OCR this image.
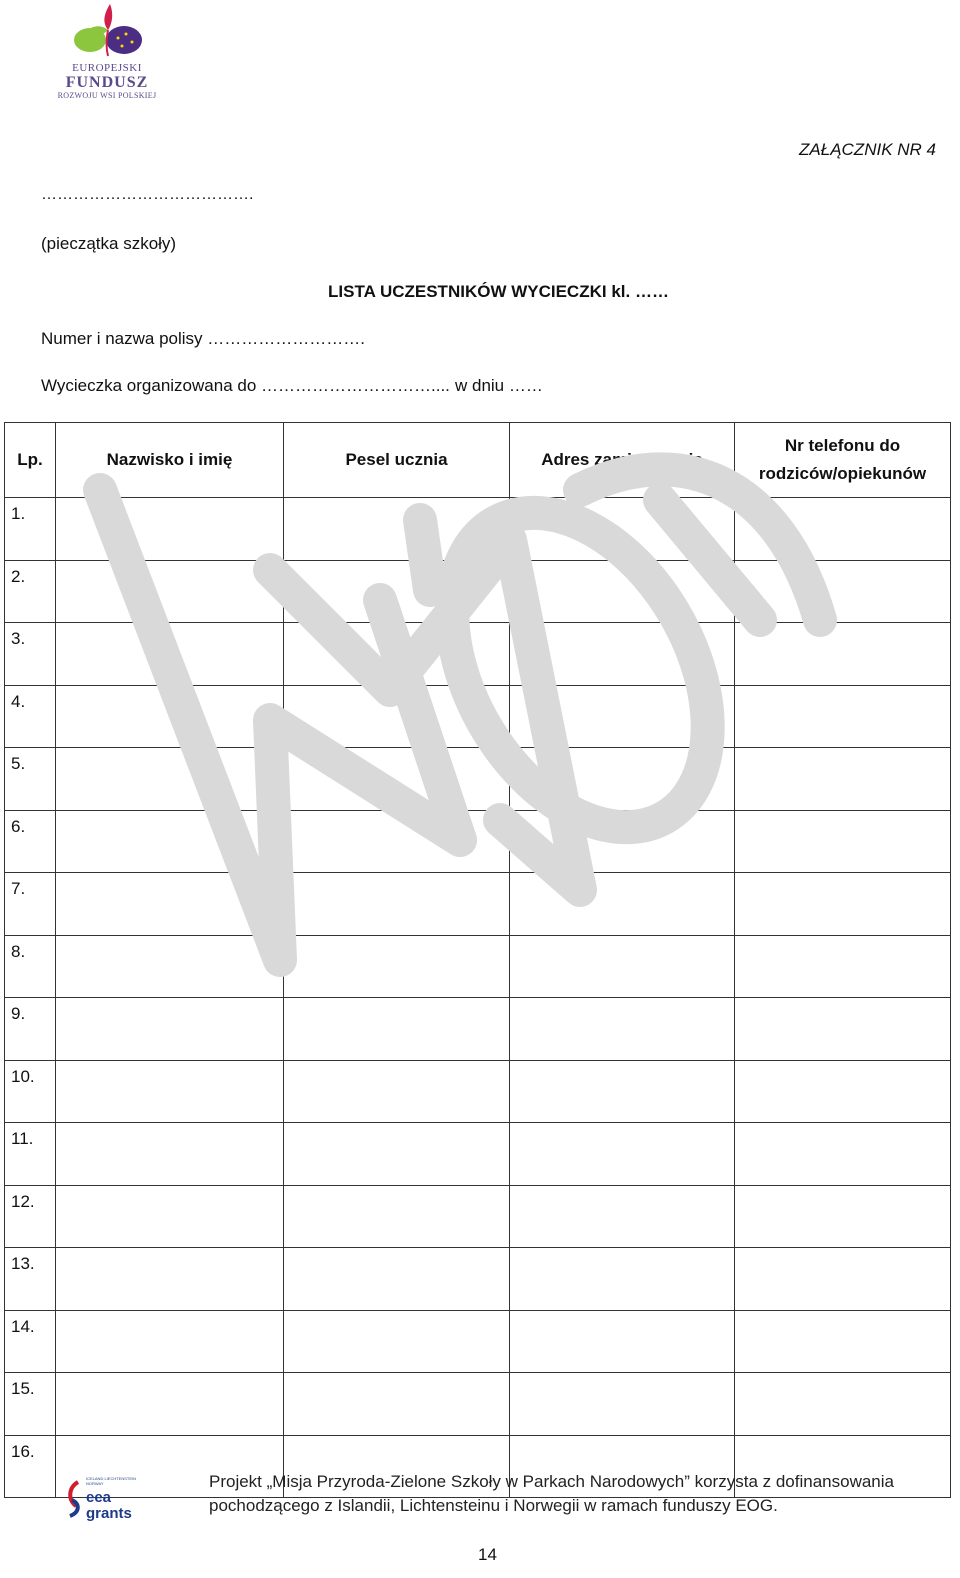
EUROPEJSKI
FUNDUSZ
ROZWOJU WSI POLSKIEJ
ZAŁĄCZNIK NR 4
………………………………….
(pieczątka szkoły)
LISTA UCZESTNIKÓW WYCIECZKI kl. ……
Numer i nazwa polisy ……………………….
Wycieczka organizowana do ………………………….... w dniu ……
Lp.	Nazwisko i imię	Pesel ucznia	Adres zamieszkania	Nr telefonu do rodziców/opiekunów
1.				
2.				
3.				
4.				
5.				
6.				
7.				
8.				
9.				
10.				
11.				
12.				
13.				
14.				
15.				
16.				
ICELAND LIECHTENSTEIN NORWAY
eea grants
Projekt „Misja Przyroda-Zielone Szkoły w Parkach Narodowych” korzysta z dofinansowania
pochodzącego z Islandii, Lichtensteinu i Norwegii w ramach funduszy EOG.
14
